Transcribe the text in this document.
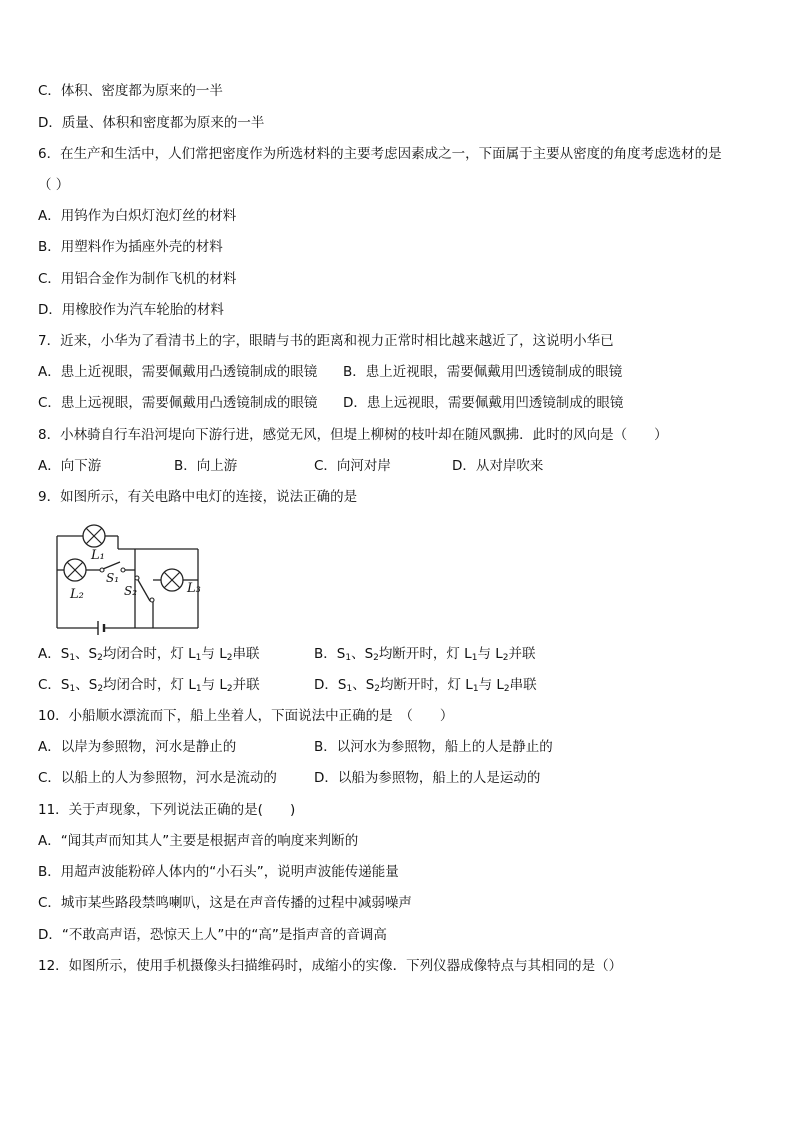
C．体积、密度都为原来的一半
D．质量、体积和密度都为原来的一半
6．在生产和生活中，人们常把密度作为所选材料的主要考虑因素成之一，下面属于主要从密度的角度考虑选材的是
（ ）
A．用钨作为白炽灯泡灯丝的材料
B．用塑料作为插座外壳的材料
C．用铝合金作为制作飞机的材料
D．用橡胶作为汽车轮胎的材料
7．近来，小华为了看清书上的字，眼睛与书的距离和视力正常时相比越来越近了，这说明小华已
A．患上近视眼，需要佩戴用凸透镜制成的眼镜 B．患上近视眼，需要佩戴用凹透镜制成的眼镜
C．患上远视眼，需要佩戴用凸透镜制成的眼镜 D．患上远视眼，需要佩戴用凹透镜制成的眼镜
8．小林骑自行车沿河堤向下游行进，感觉无风，但堤上柳树的枝叶却在随风飘拂．此时的风向是（　　）
A．向下游	B．向上游	C．向河对岸	D．从对岸吹来
9．如图所示，有关电路中电灯的连接，说法正确的是
L₁
L₂	L₃
S₁
S₂
A．$S_1$、$S_2$均闭合时，灯 $L_1$与 $L_2$串联	B．$S_1$、$S_2$均断开时，灯 $L_1$与 $L_2$并联
C．$S_1$、$S_2$均闭合时，灯 $L_1$与 $L_2$并联	D．$S_1$、$S_2$均断开时，灯 $L_1$与 $L_2$串联
10．小船顺水漂流而下，船上坐着人，下面说法中正确的是　（　　）
A．以岸为参照物，河水是静止的	B．以河水为参照物，船上的人是静止的
C．以船上的人为参照物，河水是流动的	D．以船为参照物，船上的人是运动的
11．关于声现象，下列说法正确的是(　　)
A．“闻其声而知其人”主要是根据声音的响度来判断的
B．用超声波能粉碎人体内的“小石头”，说明声波能传递能量
C．城市某些路段禁鸣喇叭，这是在声音传播的过程中减弱噪声
D．“不敢高声语，恐惊天上人”中的“高”是指声音的音调高
12．如图所示，使用手机摄像头扫描维码时，成缩小的实像．下列仪器成像特点与其相同的是（）
